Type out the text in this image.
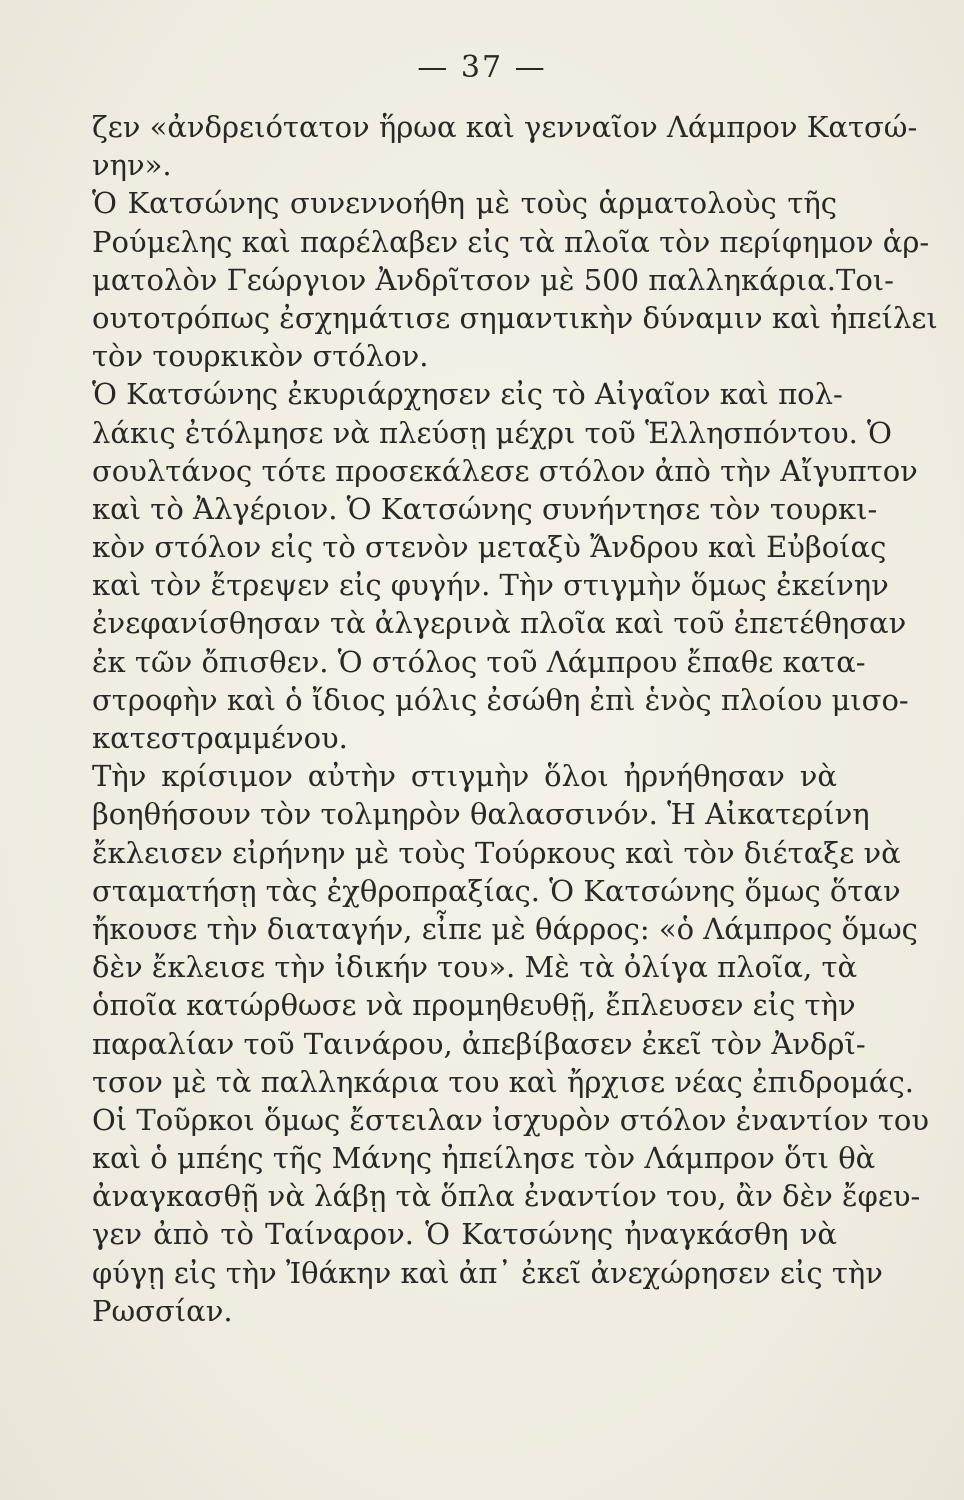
— 37 —
ζεν «ἀνδρειότατον ἥρωα καὶ γενναῖον Λάμπρον Κατσώ-
νην».
Ὁ Κατσώνης συνεννοήθη μὲ τοὺς ἁρματολοὺς τῆς
Ρούμελης καὶ παρέλαβεν εἰς τὰ πλοῖα τὸν περίφημον ἁρ-
ματολὸν Γεώργιον Ἀνδρῖτσον μὲ 500 παλληκάρια.Τοι-
ουτοτρόπως ἐσχημάτισε σημαντικὴν δύναμιν καὶ ἠπείλει
τὸν τουρκικὸν στόλον.
Ὁ Κατσώνης ἐκυριάρχησεν εἰς τὸ Αἰγαῖον καὶ πολ-
λάκις ἐτόλμησε νὰ πλεύσῃ μέχρι τοῦ Ἑλλησπόντου. Ὁ
σουλτάνος τότε προσεκάλεσε στόλον ἀπὸ τὴν Αἴγυπτον
καὶ τὸ Ἀλγέριον. Ὁ Κατσώνης συνήντησε τὸν τουρκι-
κὸν στόλον εἰς τὸ στενὸν μεταξὺ Ἄνδρου καὶ Εὐβοίας
καὶ τὸν ἔτρεψεν εἰς φυγήν. Τὴν στιγμὴν ὅμως ἐκείνην
ἐνεφανίσθησαν τὰ ἀλγερινὰ πλοῖα καὶ τοῦ ἐπετέθησαν
ἐκ τῶν ὄπισθεν. Ὁ στόλος τοῦ Λάμπρου ἔπαθε κατα-
στροφὴν καὶ ὁ ἴδιος μόλις ἐσώθη ἐπὶ ἑνὸς πλοίου μισο-
κατεστραμμένου.
Τὴν κρίσιμον αὐτὴν στιγμὴν ὅλοι ἠρνήθησαν νὰ
βοηθήσουν τὸν τολμηρὸν θαλασσινόν. Ἡ Αἰκατερίνη
ἔκλεισεν εἰρήνην μὲ τοὺς Τούρκους καὶ τὸν διέταξε νὰ
σταματήσῃ τὰς ἐχθροπραξίας. Ὁ Κατσώνης ὅμως ὅταν
ἤκουσε τὴν διαταγήν, εἶπε μὲ θάρρος: «ὁ Λάμπρος ὅμως
δὲν ἔκλεισε τὴν ἰδικήν του». Μὲ τὰ ὀλίγα πλοῖα, τὰ
ὁποῖα κατώρθωσε νὰ προμηθευθῇ, ἔπλευσεν εἰς τὴν
παραλίαν τοῦ Ταινάρου, ἀπεβίβασεν ἐκεῖ τὸν Ἀνδρῖ-
τσον μὲ τὰ παλληκάρια του καὶ ἤρχισε νέας ἐπιδρομάς.
Οἱ Τοῦρκοι ὅμως ἔστειλαν ἰσχυρὸν στόλον ἐναντίον του
καὶ ὁ μπέης τῆς Μάνης ἠπείλησε τὸν Λάμπρον ὅτι θὰ
ἀναγκασθῇ νὰ λάβῃ τὰ ὅπλα ἐναντίον του, ἂν δὲν ἔφευ-
γεν ἀπὸ τὸ Ταίναρον. Ὁ Κατσώνης ἠναγκάσθη νὰ
φύγῃ εἰς τὴν Ἰθάκην καὶ ἀπ᾿ ἐκεῖ ἀνεχώρησεν εἰς τὴν
Ρωσσίαν.
